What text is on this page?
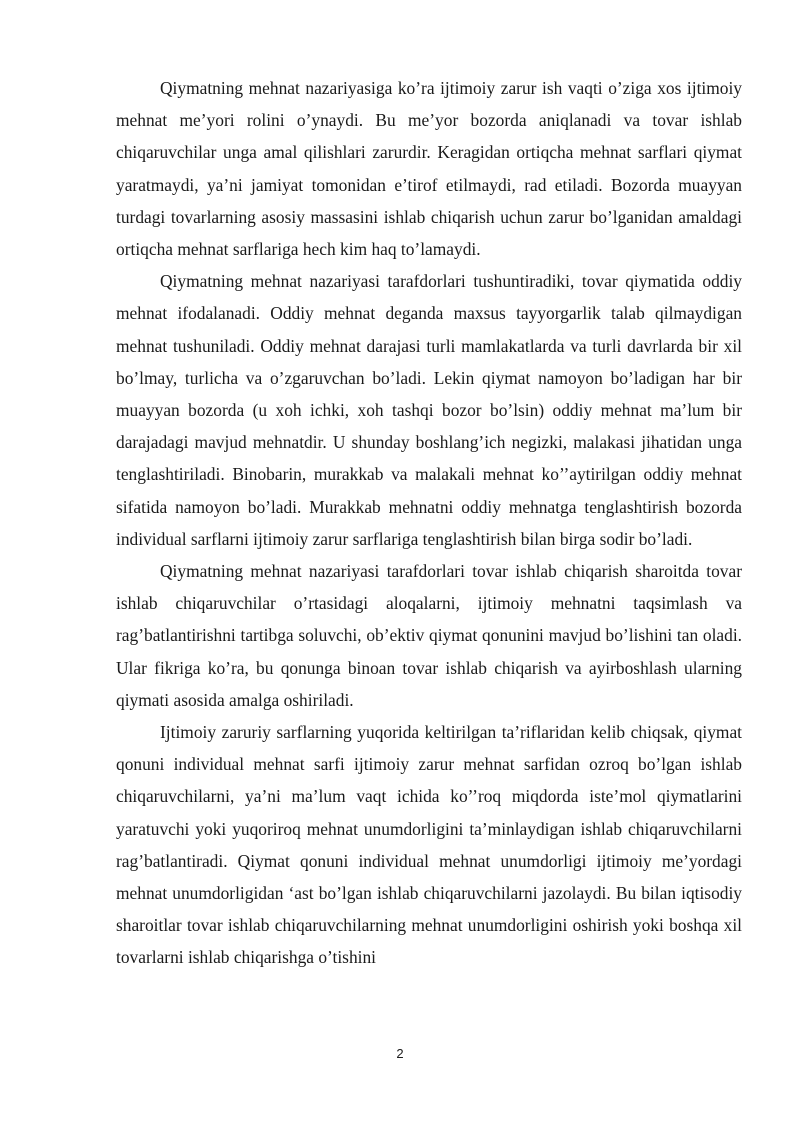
Qiymatning mehnat nazariyasiga ko’ra ijtimoiy zarur ish vaqti o’ziga xos ijtimoiy mehnat me’yori rolini o’ynaydi. Bu me’yor bozorda aniqlanadi va tovar ishlab chiqaruvchilar unga amal qilishlari zarurdir. Keragidan ortiqcha mehnat sarflari qiymat yaratmaydi, ya’ni jamiyat tomonidan e’tirof etilmaydi, rad etiladi. Bozorda muayyan turdagi tovarlarning asosiy massasini ishlab chiqarish uchun zarur bo’lganidan amaldagi ortiqcha mehnat sarflariga hech kim haq to’lamaydi.

Qiymatning mehnat nazariyasi tarafdorlari tushuntiradiki, tovar qiymatida oddiy mehnat ifodalanadi. Oddiy mehnat deganda maxsus tayyorgarlik talab qilmaydigan mehnat tushuniladi. Oddiy mehnat darajasi turli mamlakatlarda va turli davrlarda bir xil bo’lmay, turlicha va o’zgaruvchan bo’ladi. Lekin qiymat namoyon bo’ladigan har bir muayyan bozorda (u xoh ichki, xoh tashqi bozor bo’lsin) oddiy mehnat ma’lum bir darajadagi mavjud mehnatdir. U shunday boshlang’ich negizki, malakasi jihatidan unga tenglashtiriladi. Binobarin, murakkab va malakali mehnat ko’’aytirilgan oddiy mehnat sifatida namoyon bo’ladi. Murakkab mehnatni oddiy mehnatga tenglashtirish bozorda individual sarflarni ijtimoiy zarur sarflariga tenglashtirish bilan birga sodir bo’ladi.

Qiymatning mehnat nazariyasi tarafdorlari tovar ishlab chiqarish sharoitda tovar ishlab chiqaruvchilar o’rtasidagi aloqalarni, ijtimoiy mehnatni taqsimlash va rag’batlantirishni tartibga soluvchi, ob’ektiv qiymat qonunini mavjud bo’lishini tan oladi. Ular fikriga ko’ra, bu qonunga binoan tovar ishlab chiqarish va ayirboshlash ularning qiymati asosida amalga oshiriladi.

Ijtimoiy zaruriy sarflarning yuqorida keltirilgan ta’riflaridan kelib chiqsak, qiymat qonuni individual mehnat sarfi ijtimoiy zarur mehnat sarfidan ozroq bo’lgan ishlab chiqaruvchilarni, ya’ni ma’lum vaqt ichida ko’’roq miqdorda iste’mol qiymatlarini yaratuvchi yoki yuqoriroq mehnat unumdorligini ta’minlaydigan ishlab chiqaruvchilarni rag’batlantiradi. Qiymat qonuni individual mehnat unumdorligi ijtimoiy me’yordagi mehnat unumdorligidan ‘ast bo’lgan ishlab chiqaruvchilarni jazolaydi. Bu bilan iqtisodiy sharoitlar tovar ishlab chiqaruvchilarning mehnat unumdorligini oshirish yoki boshqa xil tovarlarni ishlab chiqarishga o’tishini

2
